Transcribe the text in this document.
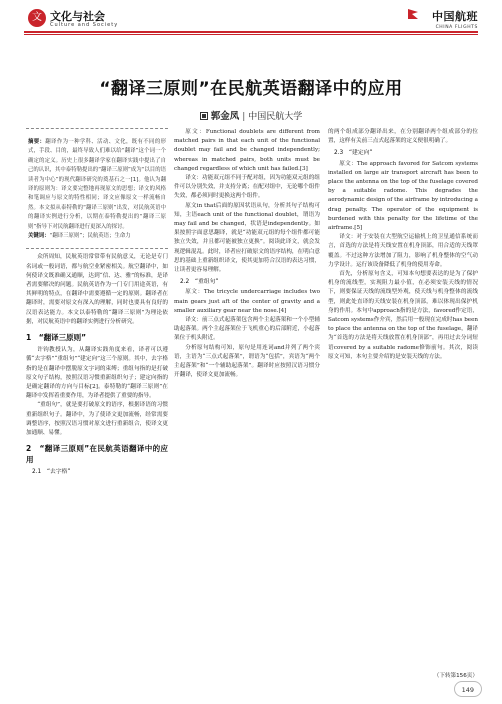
文 文化与社会
Culture and Society
中国航班
CHINA FLIGHTS
“翻译三原则”在民航英语翻译中的应用
郭金凤 | 中国民航大学
摘要：翻译作为一种学科、活动、文化，既有不同的形式，手段、目的，最终导致人们难以给“翻译”这个词一个确定的定义。历史上很多翻译学家在翻译实践中提出了自己的认识，其中泰特勒提出的“翻译三原则”成为“以目的语读者为中心”的现代翻译研究的奠基石之一[1]。他认为翻译的原则为：译文要完整地再现原文的思想；译文的风格和笔调应与原文的特性相同；译文应像原文一样流畅自然。本文拟从泰特勒的“翻译三原则”出发，对民航英语中的翻译实例进行分析，以期在泰特勒提出的“翻译三原则”指导下对民航翻译进行更深入的探讨。
关键词：“翻译三原则”；民航英语；生命力

众所周知，民航英语常常带有民航意义，无论是专门名词或一般词语，都与航空业紧密相关。航空翻译中，如何使译文既准确又通顺，达到“信、达、雅”的标准，是译者需要解决的问题。民航英语作为一门专门用途英语，有其鲜明的特点，在翻译中需要遵循一定的原则。翻译者在翻译时，需要对原文有深入的理解，同时也要具有良好的汉语表达能力。本文以泰特勒的“翻译三原则”为理论依据，对民航英语中的翻译实例进行分析研究。

1　“翻译三原则”

许钧教授认为，从翻译实践角度来看，译者可以遵循“去字格”“重组句”“建定向”这三个原则。其中，去字格指的是在翻译中摆脱原文字词的束缚；重组句指的是打破原文句子结构，按照汉语习惯重新组织句子；建定向指的是确定翻译的方向与目标[2]。泰特勒的“翻译三原则”在翻译中发挥着重要作用，为译者提供了重要的指导。

“重组句”，就是要打破原文的语序，根据译语的习惯重新组织句子。翻译中，为了使译文更加流畅，经常需要调整语序，按照汉语习惯对原文进行重新组合，使译文更加通顺、易懂。

2　“翻译三原则”在民航英语翻译中的应用
2.1　“去字格”

原文：Functional doublets are different from matched pairs in that each unit of the functional doublet may fail and be changed independently; whereas in matched pairs, both units must be changed regardless of which unit has failed.[3]

译文：功能双元组不同于配对组，因为功能双元组的组件可以分别失效，并支持分离；在配对组中，无论哪个组件失效，都必须同时更换这两个组件。

原文in that后面的原因状语从句，分析其句子结构可知，主语each unit of the functional doublet，谓语为may fail and be changed，状语是independently。如果按照字面意思翻译，就是“功能双元组的每个组件都可能独立失效，并且都可能被独立更换”。阅读此译文，就会发现逻辑混乱。此时，译者应打破原文的语序结构，在明白意思的基础上重新组织译文，使其更加符合汉语的表达习惯，让读者更容易理解。

2.2　“重组句”

原文：The tricycle undercarriage includes two main gears just aft of the center of gravity and a smaller auxiliary gear near the nose.[4]

译文：前三点式起落架包含两个主起落架和一个小型辅助起落架。两个主起落架位于飞机重心的后部附近，小起落架位于机头附近。

分析原句结构可知，原句是用连词and并列了两个宾语，主语为“三点式起落架”，谓语为“包括”，宾语为“两个主起落架”和“一个辅助起落架”。翻译时应按照汉语习惯分开翻译，使译文更加流畅。

的两个组成部分翻译出来，在分别翻译两个组成部分的位置，这样有关前三点式起落架的定义便很明确了。

2.3　“建定向”

原文：The approach favored for Satcom systems installed on large air transport aircraft has been to place the antenna on the top of the fuselage covered by a suitable radome. This degrades the aerodynamic design of the airframe by introducing a drag penalty. The operator of the equipment is burdened with this penalty for the lifetime of the airframe.[5]

译文：对于安装在大型航空运输机上的卫星通信系统而言，首选的方法是将天线安置在机身顶部，用合适的天线罩覆盖。不过这种方法增加了阻力，影响了机身整体的空气动力学设计。运行该设备降低了机身的使用寿命。

首先，分析原句含义，可知本句想要表达的是为了保护机身的流线型，实现阻力最小值，在必须安装天线的情况下，则要保证天线的流线型外观，使天线与机身整体的流线型，则此处直译的天线安装在机身顶部，难以体现出保护机身的作用。本句中approach指的是方法，favored作定语，Satcom systems作介宾，然后用一般现在完成时has been to place the antenna on the top of the fuselage，翻译为“首选的方法是将天线放置在机身顶部”，再用过去分词短语covered by a suitable radome修饰前句。其次，阅读原文可知，本句主要介绍的是安装天线的方法。

（下转第156页）
149
